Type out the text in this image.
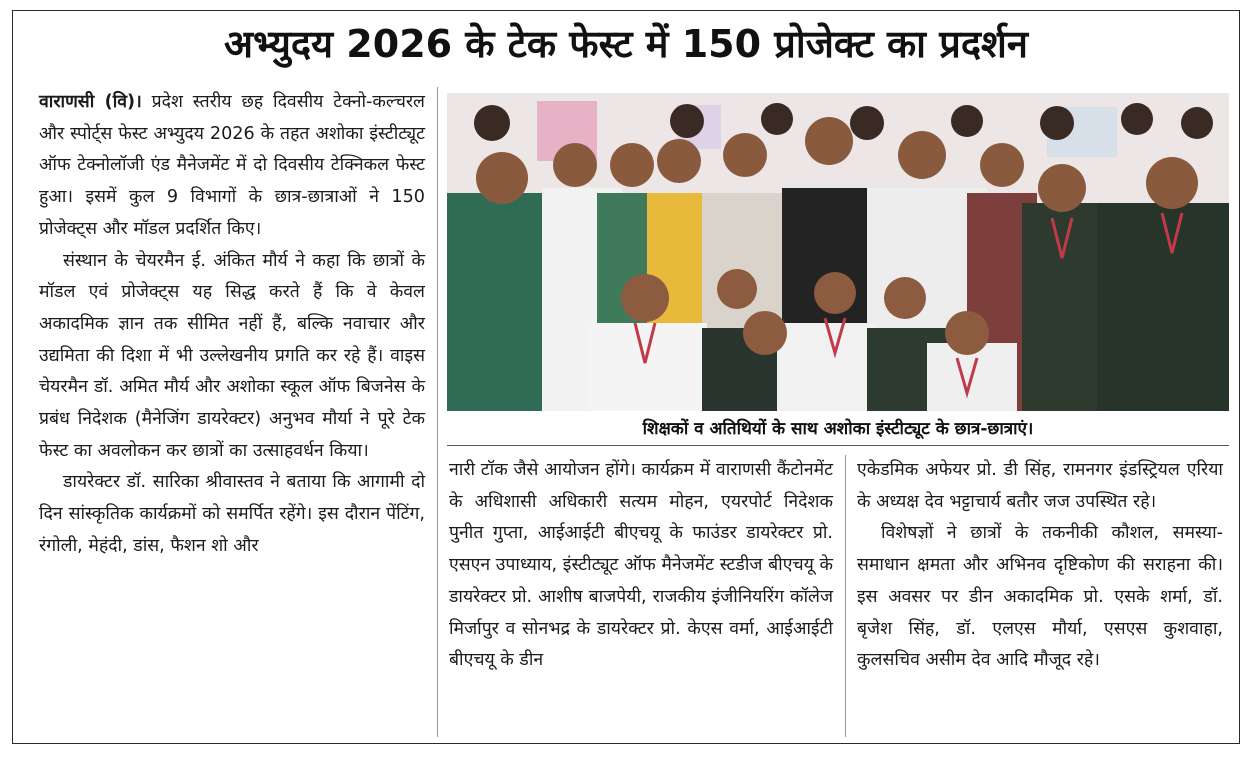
अभ्युदय 2026 के टेक फेस्ट में 150 प्रोजेक्ट का प्रदर्शन

वाराणसी (वि)। प्रदेश स्तरीय छह दिवसीय टेक्नो-कल्चरल और स्पोर्ट्स फेस्ट अभ्युदय 2026 के तहत अशोका इंस्टीट्यूट ऑफ टेक्नोलॉजी एंड मैनेजमेंट में दो दिवसीय टेक्निकल फेस्ट हुआ। इसमें कुल 9 विभागों के छात्र-छात्राओं ने 150 प्रोजेक्ट्स और मॉडल प्रदर्शित किए।

संस्थान के चेयरमैन ई. अंकित मौर्य ने कहा कि छात्रों के मॉडल एवं प्रोजेक्ट्स यह सिद्ध करते हैं कि वे केवल अकादमिक ज्ञान तक सीमित नहीं हैं, बल्कि नवाचार और उद्यमिता की दिशा में भी उल्लेखनीय प्रगति कर रहे हैं। वाइस चेयरमैन डॉ. अमित मौर्य और अशोका स्कूल ऑफ बिजनेस के प्रबंध निदेशक (मैनेजिंग डायरेक्टर) अनुभव मौर्या ने पूरे टेक फेस्ट का अवलोकन कर छात्रों का उत्साहवर्धन किया।

डायरेक्टर डॉ. सारिका श्रीवास्तव ने बताया कि आगामी दो दिन सांस्कृतिक कार्यक्रमों को समर्पित रहेंगे। इस दौरान पेंटिंग, रंगोली, मेहंदी, डांस, फैशन शो और

शिक्षकों व अतिथियों के साथ अशोका इंस्टीट्यूट के छात्र-छात्राएं।

नारी टॉक जैसे आयोजन होंगे। कार्यक्रम में वाराणसी कैंटोनमेंट के अधिशासी अधिकारी सत्यम मोहन, एयरपोर्ट निदेशक पुनीत गुप्ता, आईआईटी बीएचयू के फाउंडर डायरेक्टर प्रो. एसएन उपाध्याय, इंस्टीट्यूट ऑफ मैनेजमेंट स्टडीज बीएचयू के डायरेक्टर प्रो. आशीष बाजपेयी, राजकीय इंजीनियरिंग कॉलेज मिर्जापुर व सोनभद्र के डायरेक्टर प्रो. केएस वर्मा, आईआईटी बीएचयू के डीन

एकेडमिक अफेयर प्रो. डी सिंह, रामनगर इंडस्ट्रियल एरिया के अध्यक्ष देव भट्टाचार्य बतौर जज उपस्थित रहे।

विशेषज्ञों ने छात्रों के तकनीकी कौशल, समस्या-समाधान क्षमता और अभिनव दृष्टिकोण की सराहना की। इस अवसर पर डीन अकादमिक प्रो. एसके शर्मा, डॉ. बृजेश सिंह, डॉ. एलएस मौर्या, एसएस कुशवाहा, कुलसचिव असीम देव आदि मौजूद रहे।
